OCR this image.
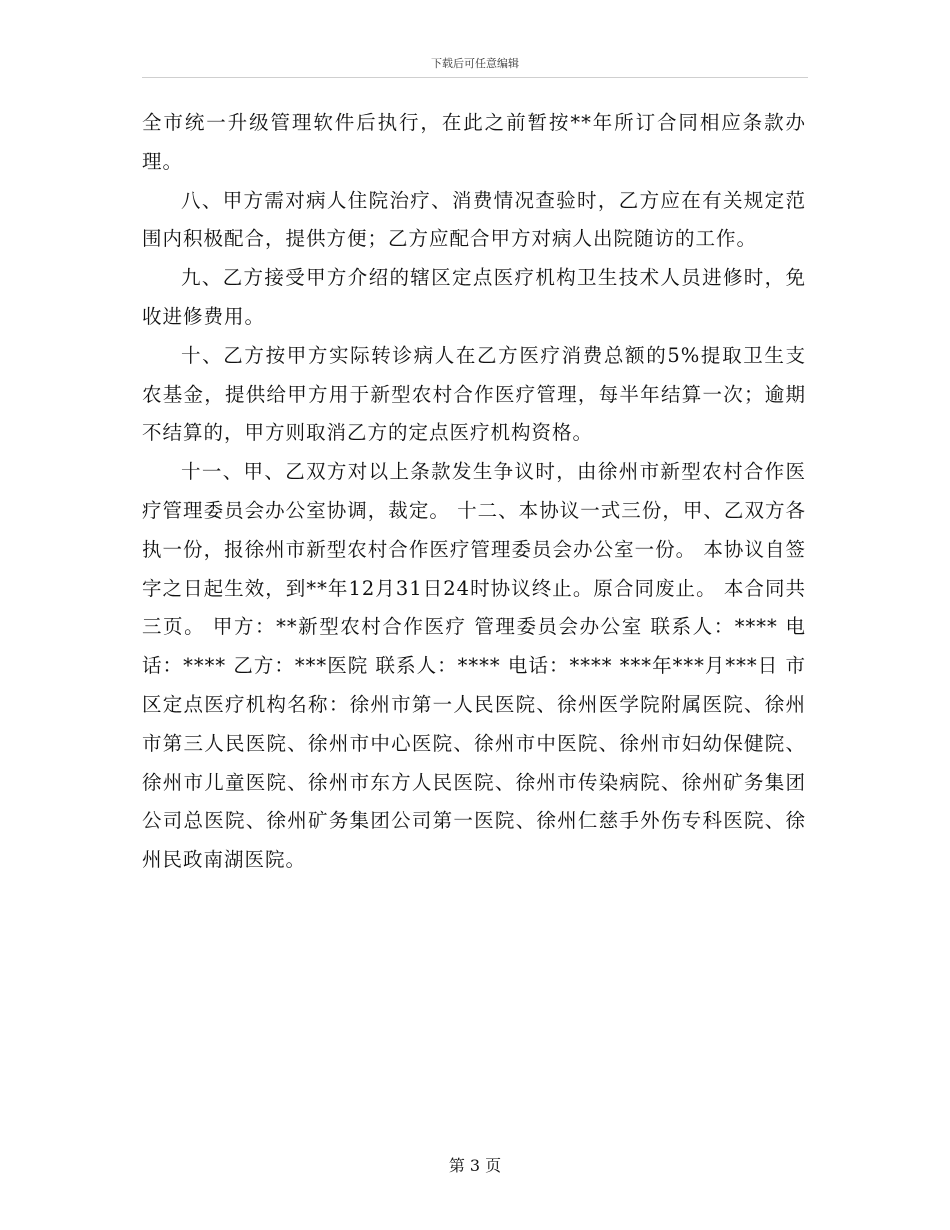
下载后可任意编辑

全市统一升级管理软件后执行，在此之前暂按**年所订合同相应条款办理。

八、甲方需对病人住院治疗、消费情况查验时，乙方应在有关规定范围内积极配合，提供方便；乙方应配合甲方对病人出院随访的工作。

九、乙方接受甲方介绍的辖区定点医疗机构卫生技术人员进修时，免收进修费用。

十、乙方按甲方实际转诊病人在乙方医疗消费总额的5%提取卫生支农基金，提供给甲方用于新型农村合作医疗管理，每半年结算一次；逾期不结算的，甲方则取消乙方的定点医疗机构资格。

十一、甲、乙双方对以上条款发生争议时，由徐州市新型农村合作医疗管理委员会办公室协调，裁定。 十二、本协议一式三份，甲、乙双方各执一份，报徐州市新型农村合作医疗管理委员会办公室一份。 本协议自签字之日起生效，到**年12月31日24时协议终止。原合同废止。 本合同共三页。 甲方：**新型农村合作医疗 管理委员会办公室 联系人：**** 电话：**** 乙方：***医院 联系人：**** 电话：**** ***年***月***日 市区定点医疗机构名称：徐州市第一人民医院、徐州医学院附属医院、徐州市第三人民医院、徐州市中心医院、徐州市中医院、徐州市妇幼保健院、徐州市儿童医院、徐州市东方人民医院、徐州市传染病院、徐州矿务集团公司总医院、徐州矿务集团公司第一医院、徐州仁慈手外伤专科医院、徐州民政南湖医院。

第 3 页
